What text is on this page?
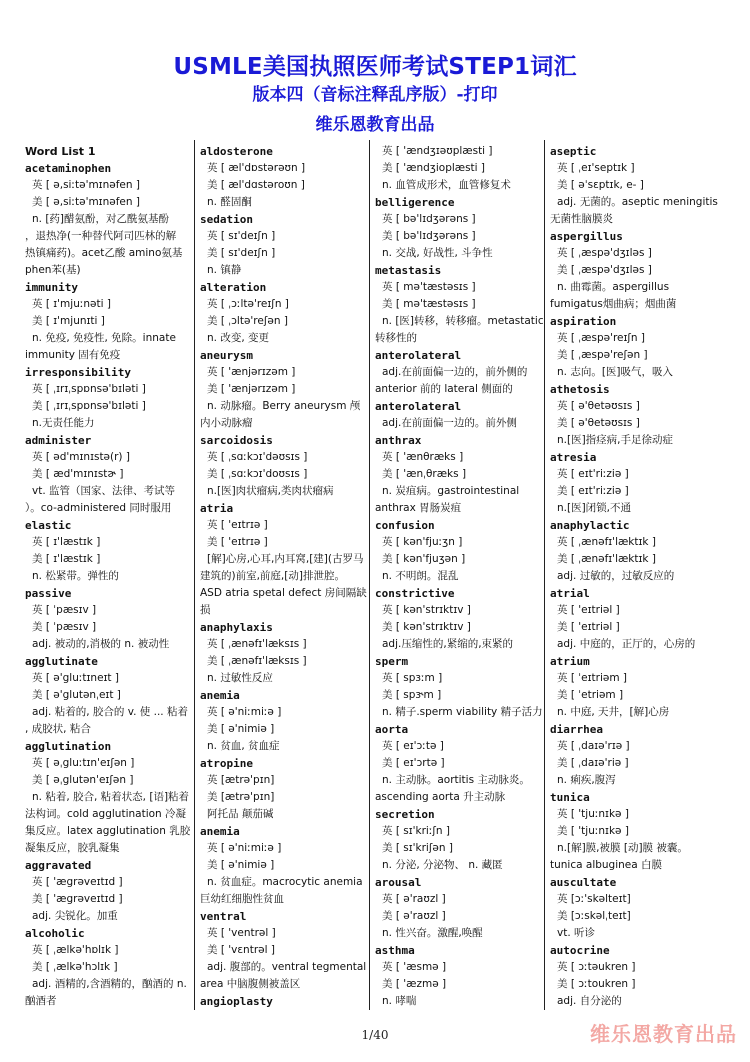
USMLE美国执照医师考试STEP1词汇
版本四（音标注释乱序版）-打印
维乐恩教育出品
Word List 1
acetaminophen
英 [ ə,siːtə'mɪnəfen ]
美 [ ə,siːtə'mɪnəfen ]
n. [药]醋氨酚，对乙酰氨基酚
，退热净(一种替代阿司匹林的解
热镇痛药)。acet乙酸 amino氨基
phen苯(基)
immunity
英 [ ɪ'mjuːnəti ]
美 [ ɪ'mjunɪti ]
n. 免疫, 免疫性, 免除。innate
immunity 固有免疫
irresponsibility
英 [ ˌɪrɪˌspɒnsə'bɪləti ]
美 [ ˌɪrɪˌspɒnsə'bɪləti ]
n.无责任能力
administer
英 [ əd'mɪnɪstə(r) ]
美 [ æd'mɪnɪstɚ ]
vt. 监管（国家、法律、考试等
）。co-administered 同时服用
elastic
英 [ ɪ'læstɪk ]
美 [ ɪ'læstɪk ]
n. 松紧带。弹性的
passive
英 [ ˈpæsɪv ]
美 [ ˈpæsɪv ]
adj. 被动的,消极的 n. 被动性
agglutinate
英 [ ə'gluːtɪneɪt ]
美 [ ə'glutənˌeɪt ]
adj. 粘着的, 胶合的 v. 使 ... 粘着
, 成胶状, 粘合
agglutination
英 [ əˌgluːtɪn'eɪʃən ]
美 [ əˌglutən'eɪʃən ]
n. 粘着, 胶合, 粘着状态, [语]粘着
法构词。cold agglutination 冷凝
集反应。latex agglutination 乳胶
凝集反应，胶乳凝集
aggravated
英 [ 'ægrəveɪtɪd ]
美 [ 'ægrəveɪtɪd ]
adj. 尖锐化。加重
alcoholic
英 [ ˌælkə'hɒlɪk ]
美 [ ˌælkə'hɔlɪk ]
adj. 酒精的,含酒精的，酗酒的 n.
酗酒者
aldosterone
英 [ æl'dɒstərəʊn ]
美 [ æl'dɑstəroʊn ]
n. 醛固酮
sedation
英 [ sɪ'deɪʃn ]
美 [ sɪ'deɪʃn ]
n. 镇静
alteration
英 [ ˌɔːltə'reɪʃn ]
美 [ ˌɔltə'reʃən ]
n. 改变, 变更
aneurysm
英 [ 'ænjərɪzəm ]
美 [ 'ænjərɪzəm ]
n. 动脉瘤。Berry aneurysm 颅
内小动脉瘤
sarcoidosis
英 [ ˌsɑːkɔɪ'dəʊsɪs ]
美 [ ˌsɑːkɔɪ'doʊsɪs ]
n.[医]肉状瘤病,类肉状瘤病
atria
英 [ 'eɪtrɪə ]
美 [ 'eɪtrɪə ]
[解]心房,心耳,内耳窝,[建](古罗马
建筑的)前室,前庭,[动]排泄腔。
ASD atria spetal defect 房间隔缺
损
anaphylaxis
英 [ ˌænəfɪ'læksɪs ]
美 [ ˌænəfɪ'læksɪs ]
n. 过敏性反应
anemia
英 [ ə'niːmiːə ]
美 [ ə'nimiə ]
n. 贫血, 贫血症
atropine
英 [ætrə'pɪn]
美 [ætrə'pɪn]
阿托品 颠茄碱
anemia
英 [ ə'niːmiːə ]
美 [ ə'nimiə ]
n. 贫血症。macrocytic anemia
巨幼红细胞性贫血
ventral
英 [ 'ventrəl ]
美 [ 'vɛntrəl ]
adj. 腹部的。ventral tegmental
area 中脑腹侧被盖区
angioplasty
英 [ 'ændʒɪəʊplæsti ]
美 [ 'ændʒioplæsti ]
n. 血管成形术，血管修复术
belligerence
英 [ bə'lɪdʒərəns ]
美 [ bə'lɪdʒərəns ]
n. 交战, 好战性, 斗争性
metastasis
英 [ mə'tæstəsɪs ]
美 [ mə'tæstəsɪs ]
n. [医]转移，转移瘤。metastatic
转移性的
anterolateral
adj.在前面偏一边的，前外侧的
anterior 前的 lateral 侧面的
anterolateral
adj.在前面偏一边的。前外侧
anthrax
英 [ 'ænθræks ]
美 [ 'ænˌθræks ]
n. 炭疽病。gastrointestinal
anthrax 胃肠炭疽
confusion
英 [ kən'fjuːʒn ]
美 [ kən'fjuʒən ]
n. 不明朗。混乱
constrictive
英 [ kən'strɪktɪv ]
美 [ kən'strɪktɪv ]
adj.压缩性的,紧缩的,束紧的
sperm
英 [ spɜːm ]
美 [ spɝm ]
n. 精子.sperm viability 精子活力
aorta
英 [ eɪ'ɔːtə ]
美 [ eɪ'ɔrtə ]
n. 主动脉。aortitis 主动脉炎。
ascending aorta 升主动脉
secretion
英 [ sɪ'kriːʃn ]
美 [ sɪ'kriʃən ]
n. 分泌, 分泌物、 n. 藏匿
arousal
英 [ ə'raʊzl ]
美 [ ə'raʊzl ]
n. 性兴奋。激醒,唤醒
asthma
英 [ 'æsmə ]
美 [ 'æzmə ]
n. 哮喘
aseptic
英 [ ˌeɪ'septɪk ]
美 [ əˈsɛptɪk, e- ]
adj. 无菌的。aseptic meningitis
无菌性脑膜炎
aspergillus
英 [ ˌæspə'dʒɪləs ]
美 [ ˌæspə'dʒɪləs ]
n. 曲霉菌。aspergillus
fumigatus烟曲病；烟曲菌
aspiration
英 [ ˌæspə'reɪʃn ]
美 [ ˌæspə'reʃən ]
n. 志向。[医]吸气，吸入
athetosis
英 [ ə'θetəʊsɪs ]
美 [ ə'θetəʊsɪs ]
n.[医]指痉病,手足徐动症
atresia
英 [ eɪt'riːziə ]
美 [ eɪt'riːziə ]
n.[医]闭锁,不通
anaphylactic
英 [ ˌænəfɪ'læktɪk ]
美 [ ˌænəfɪ'læktɪk ]
adj. 过敏的，过敏反应的
atrial
英 [ 'eɪtriəl ]
美 [ 'eɪtriəl ]
adj. 中庭的，正厅的，心房的
atrium
英 [ ˈeɪtriəm ]
美 [ ˈetriəm ]
n. 中庭, 天井，[解]心房
diarrhea
英 [ ˌdaɪə'rɪə ]
美 [ ˌdaɪə'riə ]
n. 痢疾,腹泻
tunica
英 [ 'tjuːnɪkə ]
美 [ 'tjuːnɪkə ]
n.[解]膜,被膜 [动]膜 被囊。
tunica albuginea 白膜
auscultate
英 [ɔː'skəlteɪt]
美 [ɔːskəlˌteɪt]
vt. 听诊
autocrine
英 [ ɔːtəukren ]
美 [ ɔːtoukren ]
adj. 自分泌的
1/40	维乐恩教育出品
